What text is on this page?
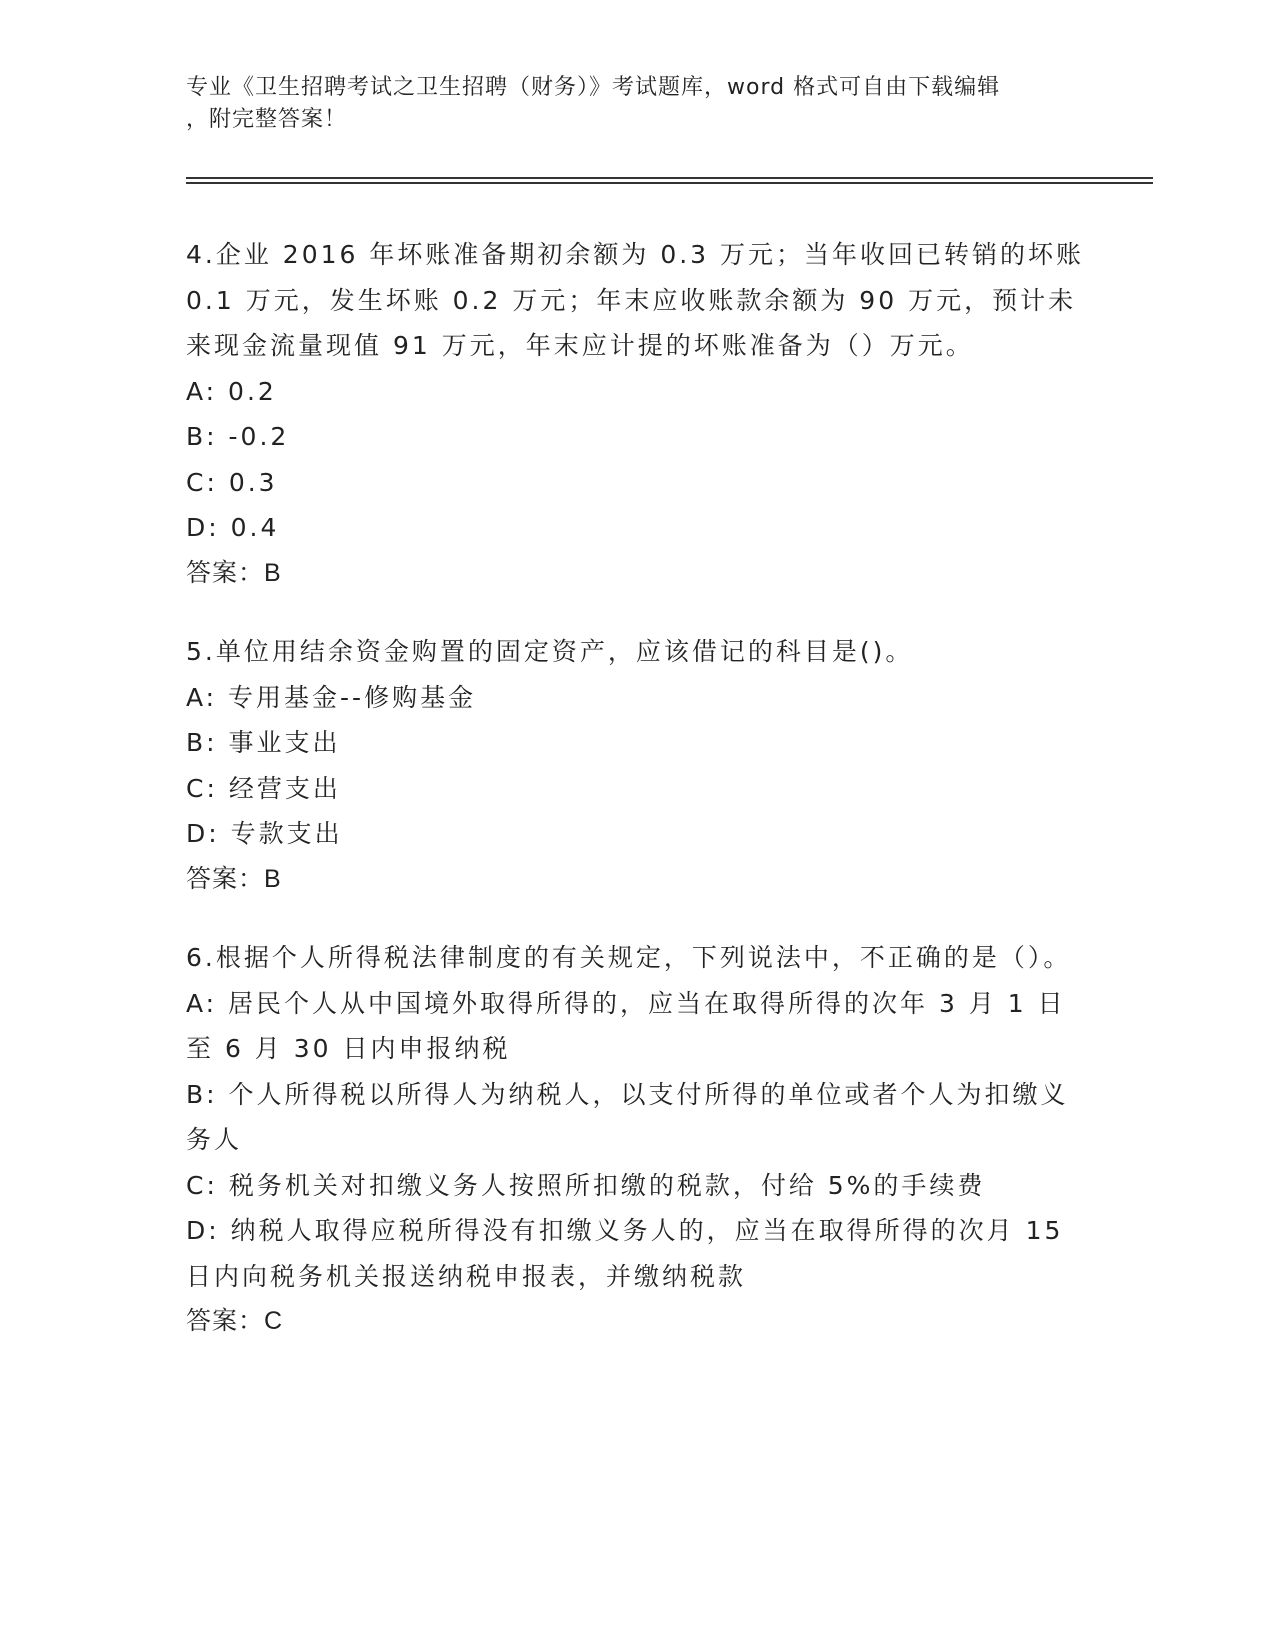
专业《卫生招聘考试之卫生招聘（财务）》考试题库，word 格式可自由下载编辑
，附完整答案！
4.企业 2016 年坏账准备期初余额为 0.3 万元；当年收回已转销的坏账 0.1 万元，发生坏账 0.2 万元；年末应收账款余额为 90 万元，预计未来现金流量现值 91 万元，年末应计提的坏账准备为（）万元。
A: 0.2
B: -0.2
C: 0.3
D: 0.4
答案：B
5.单位用结余资金购置的固定资产，应该借记的科目是()。
A: 专用基金--修购基金
B: 事业支出
C: 经营支出
D: 专款支出
答案：B
6.根据个人所得税法律制度的有关规定，下列说法中，不正确的是（）。
A: 居民个人从中国境外取得所得的，应当在取得所得的次年 3 月 1 日至 6 月 30 日内申报纳税
B: 个人所得税以所得人为纳税人，以支付所得的单位或者个人为扣缴义务人
C: 税务机关对扣缴义务人按照所扣缴的税款，付给 5%的手续费
D: 纳税人取得应税所得没有扣缴义务人的，应当在取得所得的次月 15 日内向税务机关报送纳税申报表，并缴纳税款
答案：C
